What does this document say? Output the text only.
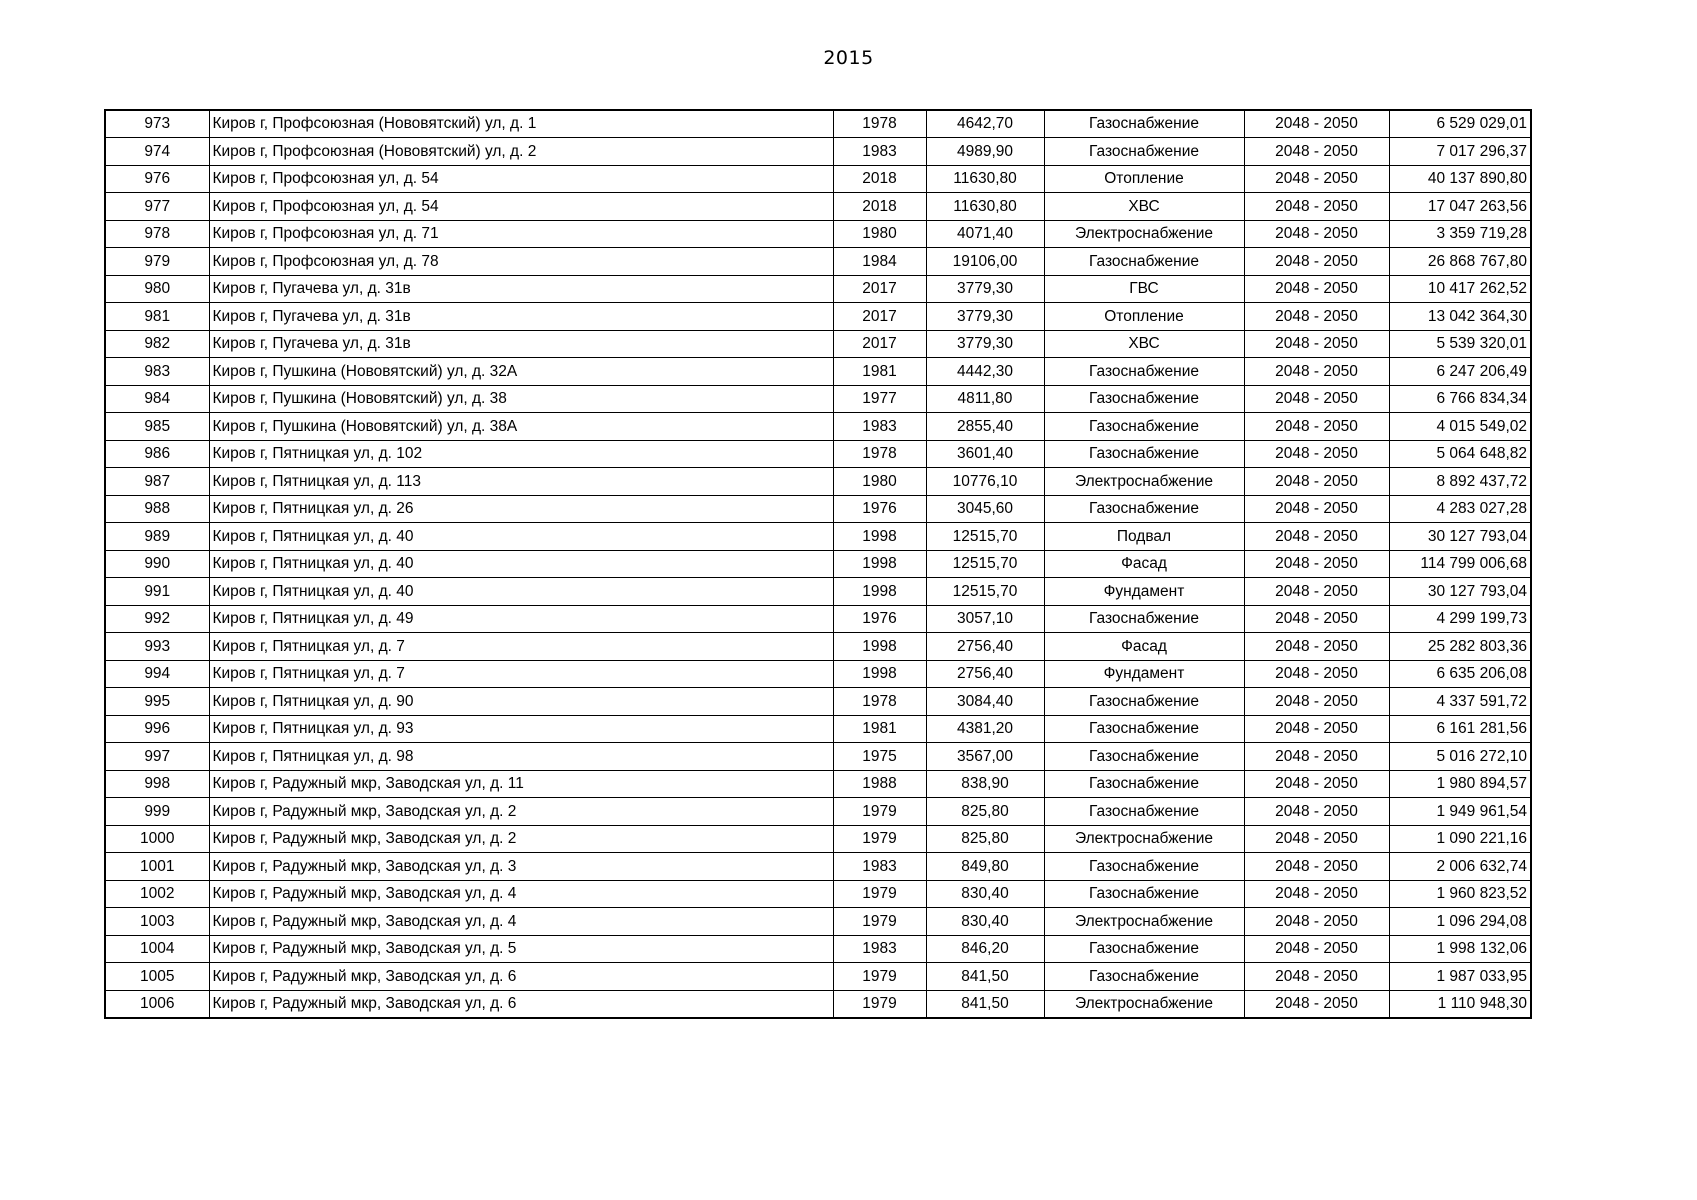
2015
973	Киров г, Профсоюзная (Нововятский) ул, д. 1	1978	4642,70	Газоснабжение	2048 - 2050	6 529 029,01
974	Киров г, Профсоюзная (Нововятский) ул, д. 2	1983	4989,90	Газоснабжение	2048 - 2050	7 017 296,37
976	Киров г, Профсоюзная ул, д. 54	2018	11630,80	Отопление	2048 - 2050	40 137 890,80
977	Киров г, Профсоюзная ул, д. 54	2018	11630,80	ХВС	2048 - 2050	17 047 263,56
978	Киров г, Профсоюзная ул, д. 71	1980	4071,40	Электроснабжение	2048 - 2050	3 359 719,28
979	Киров г, Профсоюзная ул, д. 78	1984	19106,00	Газоснабжение	2048 - 2050	26 868 767,80
980	Киров г, Пугачева ул, д. 31в	2017	3779,30	ГВС	2048 - 2050	10 417 262,52
981	Киров г, Пугачева ул, д. 31в	2017	3779,30	Отопление	2048 - 2050	13 042 364,30
982	Киров г, Пугачева ул, д. 31в	2017	3779,30	ХВС	2048 - 2050	5 539 320,01
983	Киров г, Пушкина (Нововятский) ул, д. 32А	1981	4442,30	Газоснабжение	2048 - 2050	6 247 206,49
984	Киров г, Пушкина (Нововятский) ул, д. 38	1977	4811,80	Газоснабжение	2048 - 2050	6 766 834,34
985	Киров г, Пушкина (Нововятский) ул, д. 38А	1983	2855,40	Газоснабжение	2048 - 2050	4 015 549,02
986	Киров г, Пятницкая ул, д. 102	1978	3601,40	Газоснабжение	2048 - 2050	5 064 648,82
987	Киров г, Пятницкая ул, д. 113	1980	10776,10	Электроснабжение	2048 - 2050	8 892 437,72
988	Киров г, Пятницкая ул, д. 26	1976	3045,60	Газоснабжение	2048 - 2050	4 283 027,28
989	Киров г, Пятницкая ул, д. 40	1998	12515,70	Подвал	2048 - 2050	30 127 793,04
990	Киров г, Пятницкая ул, д. 40	1998	12515,70	Фасад	2048 - 2050	114 799 006,68
991	Киров г, Пятницкая ул, д. 40	1998	12515,70	Фундамент	2048 - 2050	30 127 793,04
992	Киров г, Пятницкая ул, д. 49	1976	3057,10	Газоснабжение	2048 - 2050	4 299 199,73
993	Киров г, Пятницкая ул, д. 7	1998	2756,40	Фасад	2048 - 2050	25 282 803,36
994	Киров г, Пятницкая ул, д. 7	1998	2756,40	Фундамент	2048 - 2050	6 635 206,08
995	Киров г, Пятницкая ул, д. 90	1978	3084,40	Газоснабжение	2048 - 2050	4 337 591,72
996	Киров г, Пятницкая ул, д. 93	1981	4381,20	Газоснабжение	2048 - 2050	6 161 281,56
997	Киров г, Пятницкая ул, д. 98	1975	3567,00	Газоснабжение	2048 - 2050	5 016 272,10
998	Киров г, Радужный мкр, Заводская ул, д. 11	1988	838,90	Газоснабжение	2048 - 2050	1 980 894,57
999	Киров г, Радужный мкр, Заводская ул, д. 2	1979	825,80	Газоснабжение	2048 - 2050	1 949 961,54
1000	Киров г, Радужный мкр, Заводская ул, д. 2	1979	825,80	Электроснабжение	2048 - 2050	1 090 221,16
1001	Киров г, Радужный мкр, Заводская ул, д. 3	1983	849,80	Газоснабжение	2048 - 2050	2 006 632,74
1002	Киров г, Радужный мкр, Заводская ул, д. 4	1979	830,40	Газоснабжение	2048 - 2050	1 960 823,52
1003	Киров г, Радужный мкр, Заводская ул, д. 4	1979	830,40	Электроснабжение	2048 - 2050	1 096 294,08
1004	Киров г, Радужный мкр, Заводская ул, д. 5	1983	846,20	Газоснабжение	2048 - 2050	1 998 132,06
1005	Киров г, Радужный мкр, Заводская ул, д. 6	1979	841,50	Газоснабжение	2048 - 2050	1 987 033,95
1006	Киров г, Радужный мкр, Заводская ул, д. 6	1979	841,50	Электроснабжение	2048 - 2050	1 110 948,30
